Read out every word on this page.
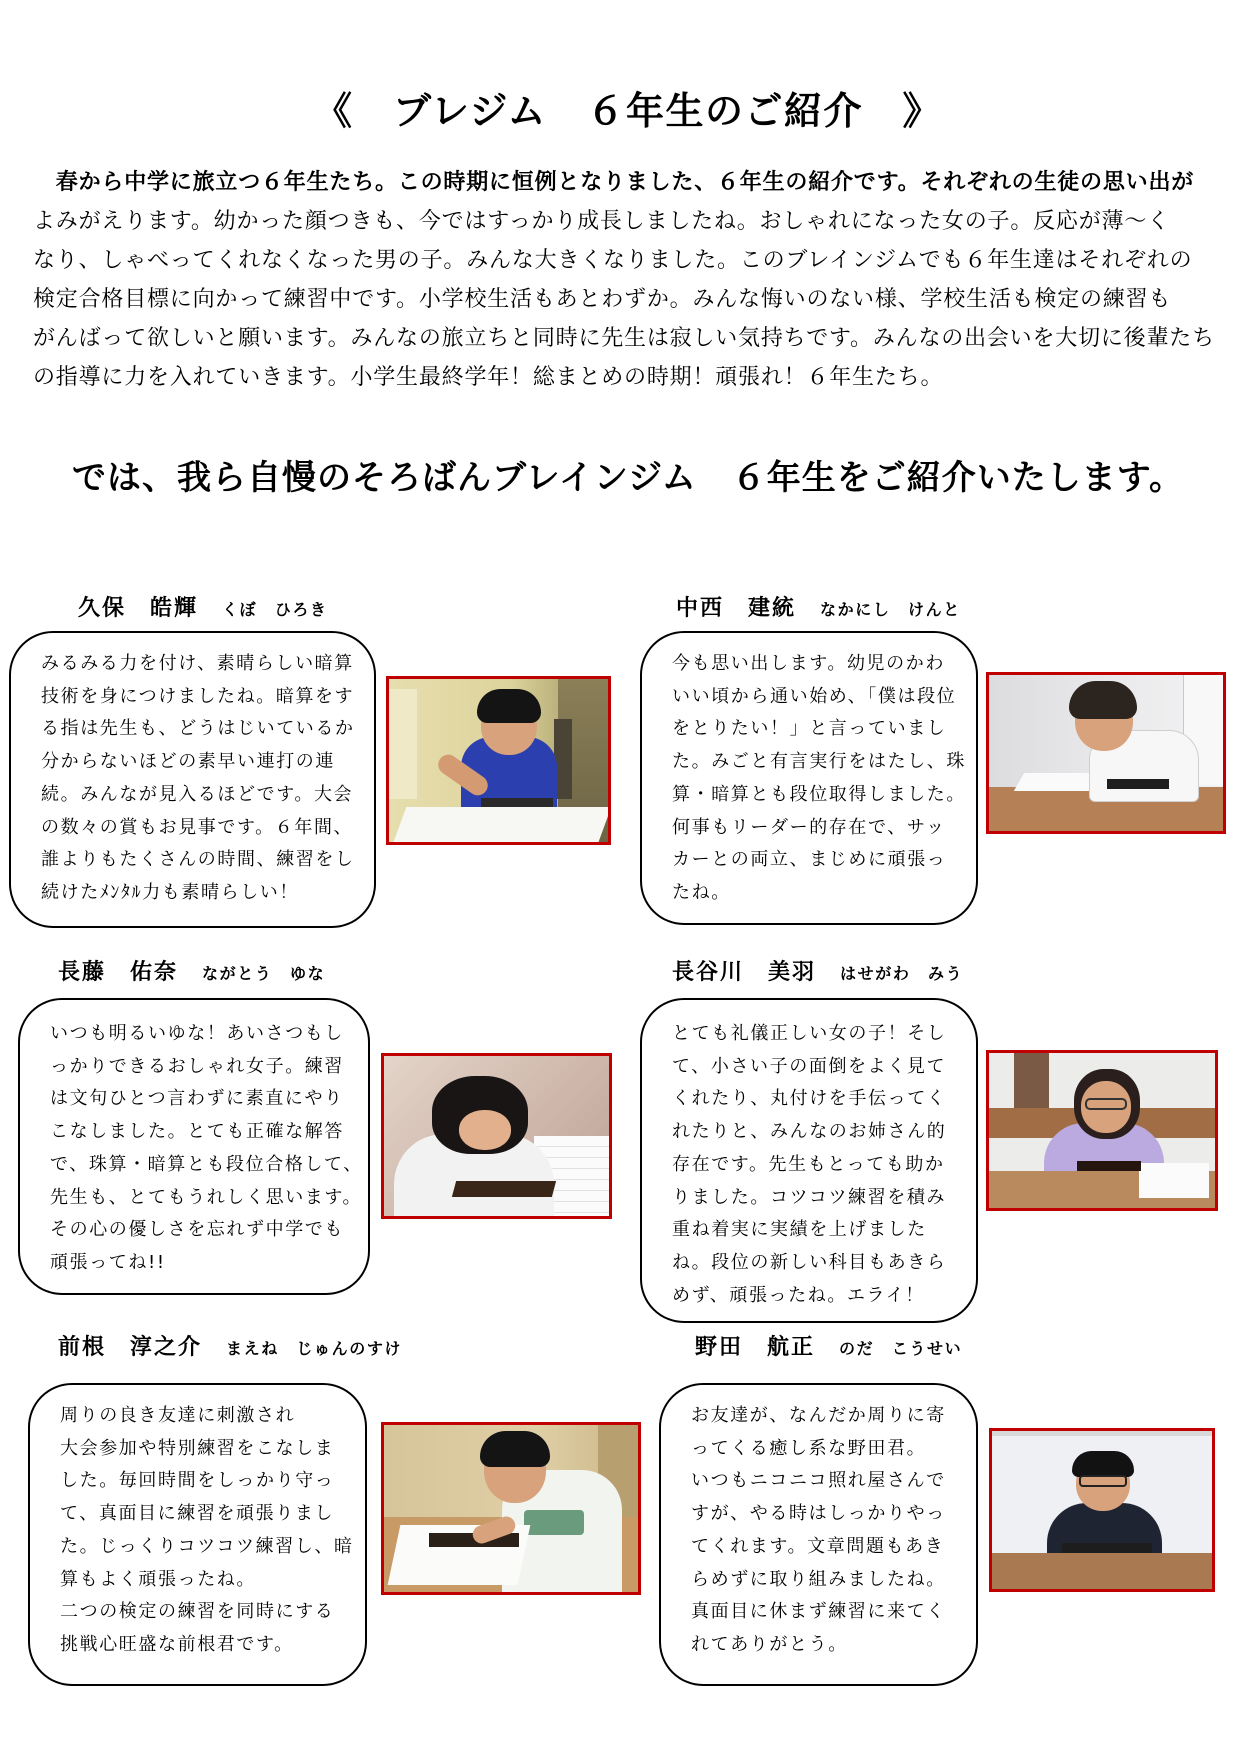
《　ブレジム　６年生のご紹介　》
　春から中学に旅立つ６年生たち。この時期に恒例となりました、６年生の紹介です。それぞれの生徒の思い出が
よみがえります。幼かった顔つきも、今ではすっかり成長しましたね。おしゃれになった女の子。反応が薄～く
なり、しゃべってくれなくなった男の子。みんな大きくなりました。このブレインジムでも６年生達はそれぞれの
検定合格目標に向かって練習中です。小学校生活もあとわずか。みんな悔いのない様、学校生活も検定の練習も
がんばって欲しいと願います。みんなの旅立ちと同時に先生は寂しい気持ちです。みんなの出会いを大切に後輩たち
の指導に力を入れていきます。小学生最終学年！総まとめの時期！頑張れ！６年生たち。
では、我ら自慢のそろばんブレインジム　６年生をご紹介いたします。
久保　皓輝 くぼ　ひろき
みるみる力を付け、素晴らしい暗算
技術を身につけましたね。暗算をす
る指は先生も、どうはじいているか
分からないほどの素早い連打の連
続。みんなが見入るほどです。大会
の数々の賞もお見事です。６年間、
誰よりもたくさんの時間、練習をし
続けたﾒﾝﾀﾙ力も素晴らしい！
中西　建統 なかにし　けんと
今も思い出します。幼児のかわ
いい頃から通い始め、「僕は段位
をとりたい！」と言っていまし
た。みごと有言実行をはたし、珠
算・暗算とも段位取得しました。
何事もリーダー的存在で、サッ
カーとの両立、まじめに頑張っ
たね。
長藤　佑奈 ながとう　ゆな
いつも明るいゆな！あいさつもし
っかりできるおしゃれ女子。練習
は文句ひとつ言わずに素直にやり
こなしました。とても正確な解答
で、珠算・暗算とも段位合格して、
先生も、とてもうれしく思います。
その心の優しさを忘れず中学でも
頑張ってね!!
長谷川　美羽 はせがわ　みう
とても礼儀正しい女の子！そし
て、小さい子の面倒をよく見て
くれたり、丸付けを手伝ってく
れたりと、みんなのお姉さん的
存在です。先生もとっても助か
りました。コツコツ練習を積み
重ね着実に実績を上げました
ね。段位の新しい科目もあきら
めず、頑張ったね。エライ！
前根　淳之介 まえね　じゅんのすけ
周りの良き友達に刺激され
大会参加や特別練習をこなしま
した。毎回時間をしっかり守っ
て、真面目に練習を頑張りまし
た。じっくりコツコツ練習し、暗
算もよく頑張ったね。
二つの検定の練習を同時にする
挑戦心旺盛な前根君です。
野田　航正 のだ　こうせい
お友達が、なんだか周りに寄
ってくる癒し系な野田君。
いつもニコニコ照れ屋さんで
すが、やる時はしっかりやっ
てくれます。文章問題もあき
らめずに取り組みましたね。
真面目に休まず練習に来てく
れてありがとう。
